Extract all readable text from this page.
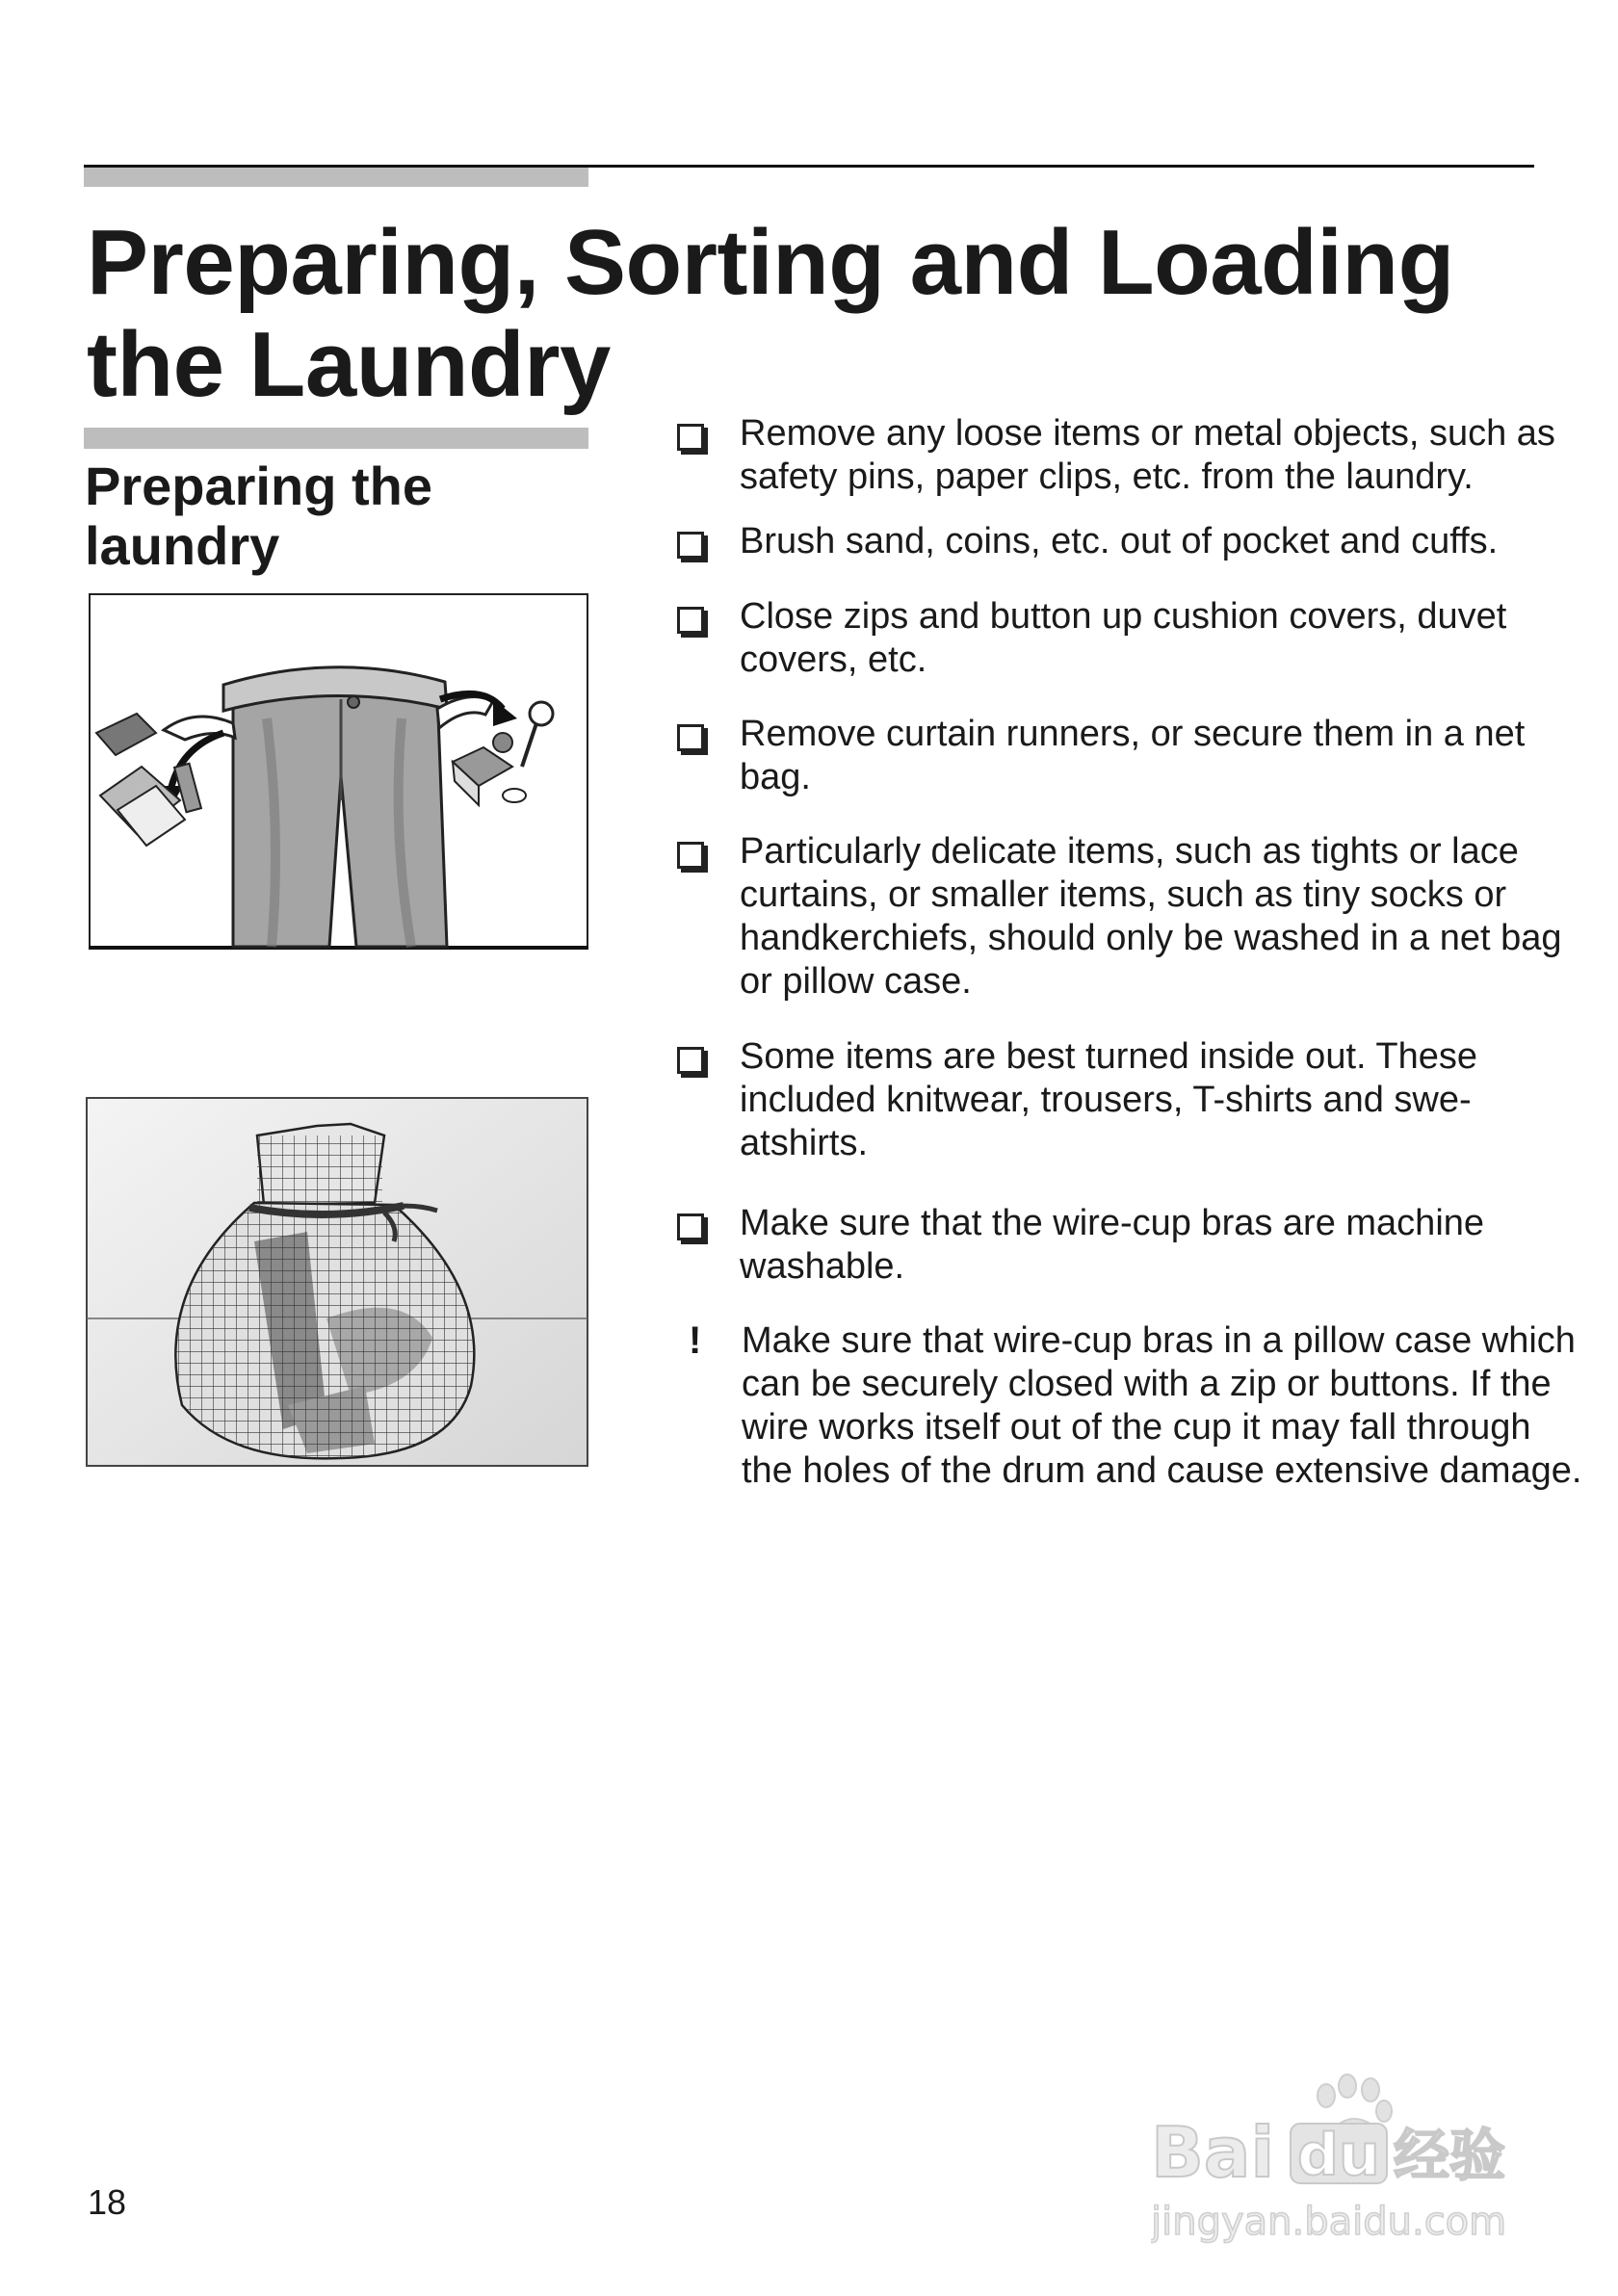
Preparing, Sorting and Loading
the Laundry
Preparing the
laundry
Remove any loose items or metal objects, such as safety pins, paper clips, etc. from the laundry.
Brush sand, coins, etc. out of pocket and cuffs.
Close zips and button up cushion covers, duvet covers, etc.
Remove curtain runners, or secure them in a net bag.
Particularly delicate items, such as tights or lace curtains, or smaller items, such as tiny socks or handkerchiefs, should only be washed in a net bag or pillow case.
Some items are best turned inside out. These included knitwear, trousers, T-shirts and swe-atshirts.
Make sure that the wire-cup bras are machine washable.
!	Make sure that wire-cup bras in a pillow case which can be securely closed with a zip or buttons. If the wire works itself out of the cup it may fall through the holes of the drum and cause extensive damage.
18
Bai du 经验
jingyan.baidu.com
